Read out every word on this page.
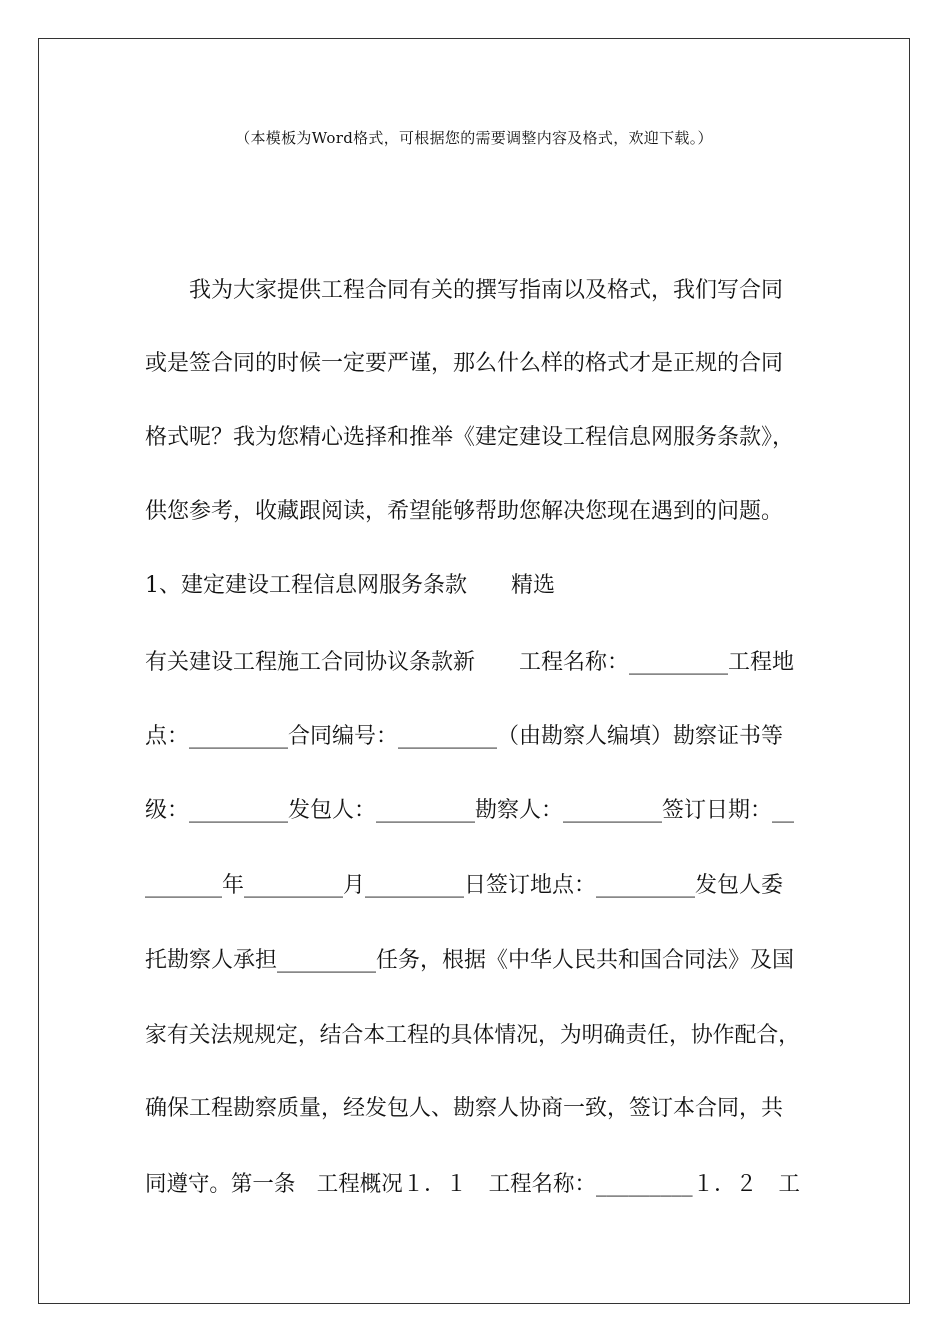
（本模板为Word格式，可根据您的需要调整内容及格式，欢迎下载。）
　　我为大家提供工程合同有关的撰写指南以及格式，我们写合同
或是签合同的时候一定要严谨，那么什么样的格式才是正规的合同
格式呢？我为您精心选择和推举《建定建设工程信息网服务条款》，
供您参考，收藏跟阅读，希望能够帮助您解决您现在遇到的问题。
1、建定建设工程信息网服务条款　　精选
有关建设工程施工合同协议条款新　　工程名称：_________工程地
点：_________合同编号：_________（由勘察人编填）勘察证书等
级：_________发包人：_________勘察人：_________签订日期：__
_______年_________月_________日签订地点：_________发包人委
托勘察人承担_________任务，根据《中华人民共和国合同法》及国
家有关法规规定，结合本工程的具体情况，为明确责任，协作配合，
确保工程勘察质量，经发包人、勘察人协商一致，签订本合同，共
同遵守。第一条　工程概况１．１　工程名称：_________１．２　工
